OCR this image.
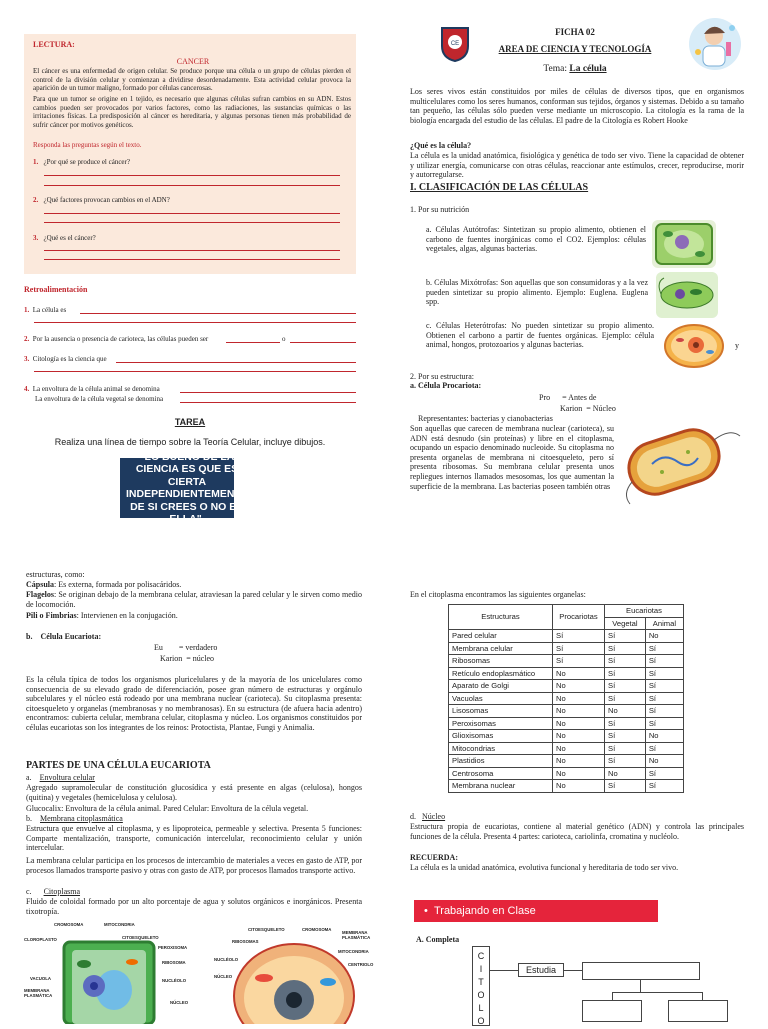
LECTURA:
CANCER
El cáncer es una enfermedad de origen celular. Se produce porque una célula o un grupo de células pierden el control de la división celular y comienzan a dividirse desordenadamente. Esta actividad celular provoca la aparición de un tumor maligno, formado por células cancerosas.
Para que un tumor se origine en 1 tejido, es necesario que algunas células sufran cambios en su ADN. Estos cambios pueden ser provocados por varios factores, como las radiaciones, las sustancias químicas o las irritaciones físicas. La predisposición al cáncer es hereditaria, y algunas personas tienen más probabilidad de sufrir cáncer por motivos genéticos.
Responda las preguntas según el texto.
1. ¿Por qué se produce el cáncer?
2. ¿Qué factores provocan cambios en el ADN?
3. ¿Qué es el cáncer?
Retroalimentación
1. La célula es
2. Por la ausencia o presencia de carioteca, las células pueden ser	o
3. Citología es la ciencia que
4. La envoltura de la célula animal se denomina
La envoltura de la célula vegetal se denomina
TAREA
Realiza una línea de tiempo sobre la Teoría Celular, incluye dibujos.
"LO BUENO DE LA CIENCIA ES QUE ES CIERTA INDEPENDIENTEMENTE DE SI CREES O NO EN ELLA".
CE
FICHA 02
AREA DE CIENCIA Y TECNOLOGÍA
Tema: La célula
Los seres vivos están constituidos por miles de células de diversos tipos, que en organismos multicelulares como los seres humanos, conforman sus tejidos, órganos y sistemas. Debido a su tamaño tan pequeño, las células sólo pueden verse mediante un microscopio. La citología es la rama de la biología encargada del estudio de las células. El padre de la Citología es Robert Hooke
¿Qué es la célula?
La célula es la unidad anatómica, fisiológica y genética de todo ser vivo. Tiene la capacidad de obtener y utilizar energía, comunicarse con otras células, reaccionar ante estímulos, crecer, reproducirse, morir y autorregularse.
I. CLASIFICACIÓN DE LAS CÉLULAS
1. Por su nutrición
a. Células Autótrofas: Sintetizan su propio alimento, obtienen el carbono de fuentes inorgánicas como el CO2. Ejemplos: células vegetales, algas, algunas bacterias.
b. Células Mixótrofas: Son aquellas que son consumidoras y a la vez pueden sintetizar su propio alimento. Ejemplo: Euglena. Euglena spp.
c. Células Heterótrofas: No pueden sintetizar su propio alimento. Obtienen el carbono a partir de fuentes orgánicas. Ejemplo: célula animal, hongos, protozoarios y algunas bacterias.	y
2. Por su estructura:
a. Célula Procariota:
Pro      = Antes de
Karion  = Núcleo
Representantes: bacterias y cianobacterias
Son aquellas que carecen de membrana nuclear (carioteca), su ADN está desnudo (sin proteínas) y libre en el citoplasma, ocupando un espacio denominado nucleoide. Su citoplasma no presenta organelas de membrana ni citoesqueleto, pero sí presenta ribosomas. Su membrana celular presenta unos repliegues internos llamados mesosomas, los que aumentan la superficie de la membrana. Las bacterias poseen también otras
estructuras, como:
Cápsula: Es externa, formada por polisacáridos.
Flagelos: Se originan debajo de la membrana celular, atraviesan la pared celular y le sirven como medio de locomoción.
Pili o Fimbrias: Intervienen en la conjugación.
b.    Célula Eucariota:
Eu        = verdadero
Karion  = núcleo
Es la célula típica de todos los organismos pluricelulares y de la mayoría de los unicelulares como consecuencia de su elevado grado de diferenciación, posee gran número de estructuras y orgánulo subcelulares y el núcleo está rodeado por una membrana nuclear (carioteca). Su citoplasma presenta: citoesqueleto y organelas (membranosas y no membranosas). En su estructura (de afuera hacia adentro) encontramos: cubierta celular, membrana celular, citoplasma y núcleo. Los organismos constituidos por células eucariotas son los integrantes de los reinos: Protoctista, Plantae, Fungi y Animalia.
PARTES DE UNA CÉLULA EUCARIOTA
a.    Envoltura celular
Agregado supramolecular de constitución glucosídica y está presente en algas (celulosa), hongos (quitina) y vegetales (hemicelulosa y celulosa).
Glucocalix: Envoltura de la célula animal. Pared Celular: Envoltura de la célula vegetal.
b.    Membrana citoplasmática
Estructura que envuelve al citoplasma, y es lipoproteica, permeable y selectiva. Presenta 5 funciones: Comparte mentalización, transporte, comunicación intercelular, reconocimiento celular y unión intercelular.
La membrana celular participa en los procesos de intercambio de materiales a veces en gasto de ATP, por procesos llamados transporte pasivo y otras con gasto de ATP, por procesos llamados transporte activo.
c.      Citoplasma
Fluido de coloidal formado por un alto porcentaje de agua y solutos orgánicos e inorgánicos. Presenta tixotropía.
CROMOSOMA	MITOCONDRIA
CLOROPLASTO	CITOESQUELETO
PEROXISOMA
RIBOSOMA
VACUOLA	NUCLÉOLO
MEMBRANA PLASMÁTICA
NÚCLEO
CITOESQUELETO	CROMOSOMA
MEMBRANA PLASMÁTICA
RIBOSOMAS
MITOCONDRIA
NUCLÉOLO
CENTRIOLO
NÚCLEO
En el citoplasma encontramos las siguientes organelas:
Estructuras	Procariotas	Eucariotas	
		Vegetal	Animal
Pared celular	Sí	Sí	No
Membrana celular	Sí	Sí	Sí
Ribosomas	Sí	Sí	Sí
Retículo endoplasmático	No	Sí	Sí
Aparato de Golgi	No	Sí	Sí
Vacuolas	No	Sí	Sí
Lisosomas	No	No	Sí
Peroxisomas	No	Sí	Sí
Glioxisomas	No	Sí	No
Mitocondrias	No	Sí	Sí
Plastidios	No	Sí	No
Centrosoma	No	No	Sí
Membrana nuclear	No	Sí	Sí
d.   Núcleo
Estructura propia de eucariotas, contiene al material genético (ADN) y controla las principales funciones de la célula. Presenta 4 partes: carioteca, cariolinfa, cromatina y nucléolo.
RECUERDA:
La célula es la unidad anatómica, evolutiva funcional y hereditaria de todo ser vivo.
•  Trabajando en Clase
A. Completa
C
I
T
O
L
O
Estudia
